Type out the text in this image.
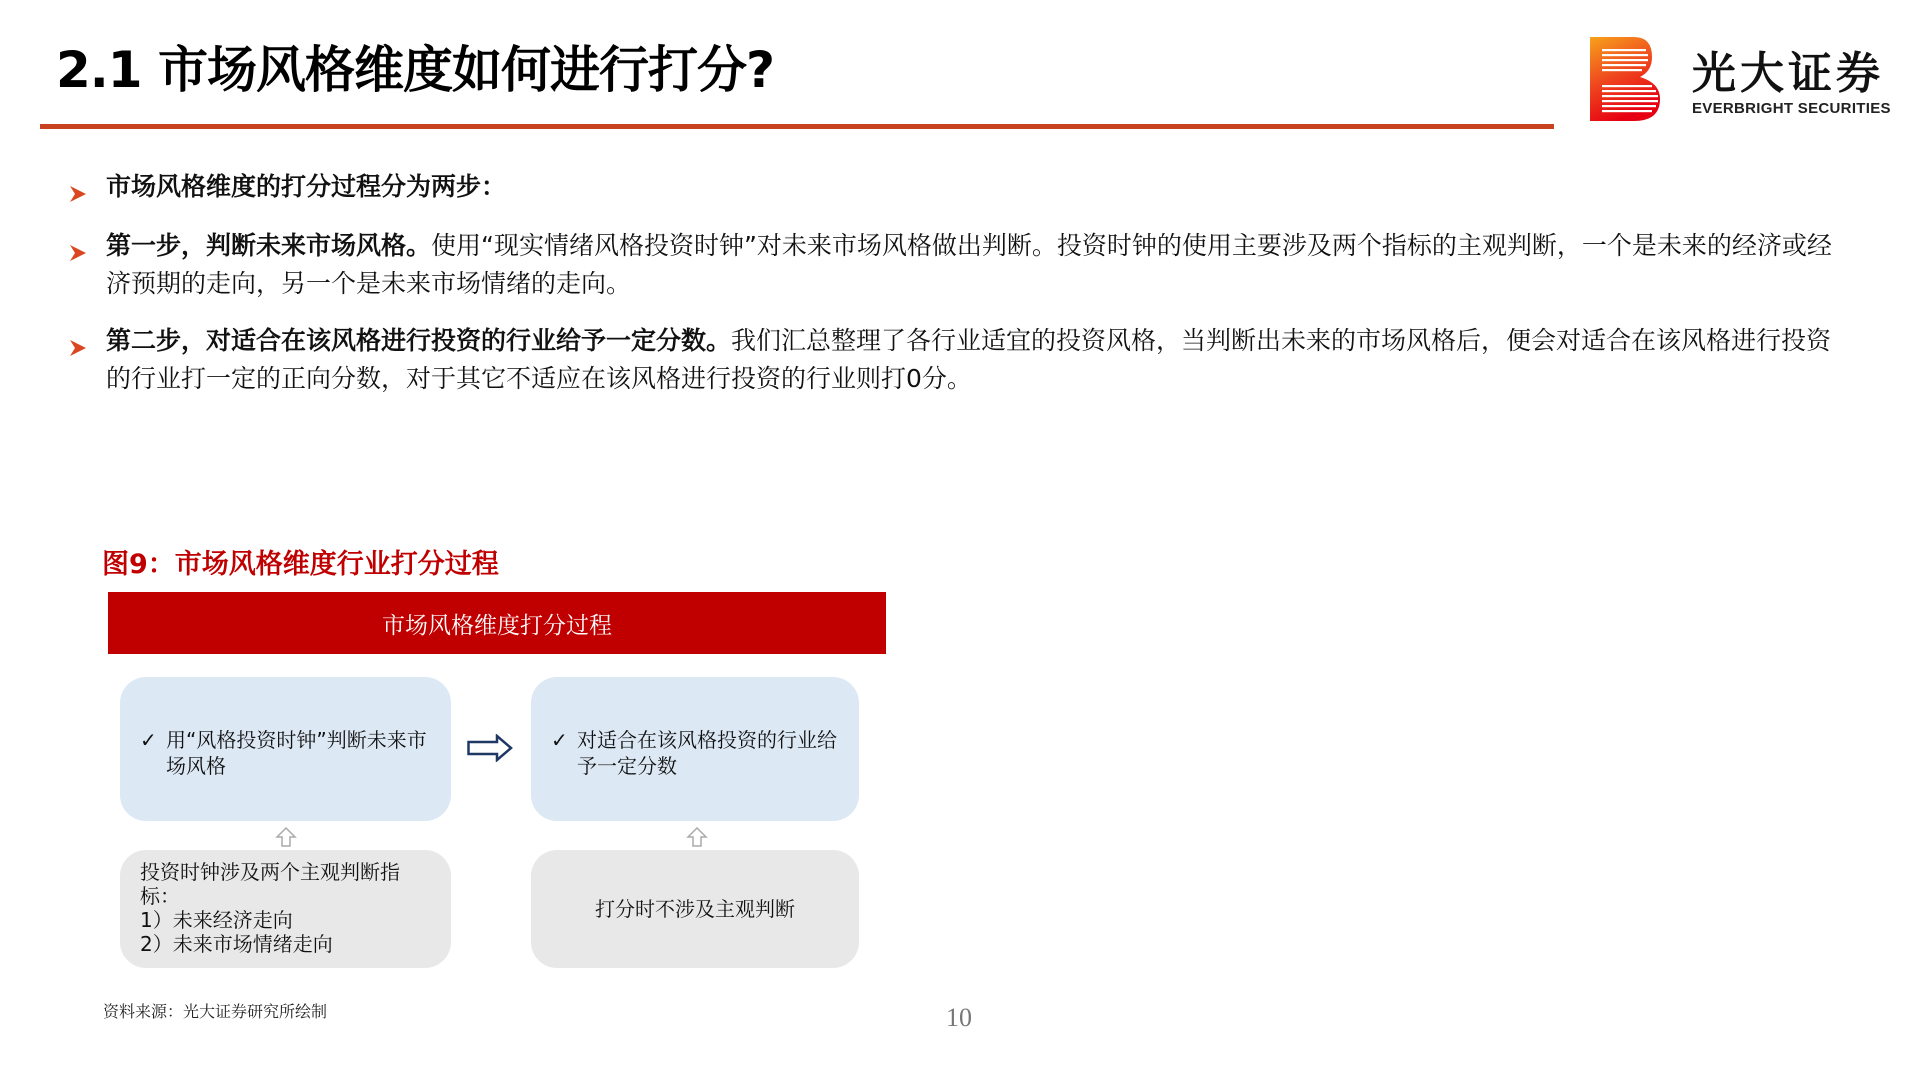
2.1 市场风格维度如何进行打分?	光大证券
EVERBRIGHT SECURITIES
市场风格维度的打分过程分为两步：
第一步，判断未来市场风格。使用“现实情绪风格投资时钟”对未来市场风格做出判断。投资时钟的使用主要涉及两个指标的主观判断，一个是未来的经济或经济预期的走向，另一个是未来市场情绪的走向。
第二步，对适合在该风格进行投资的行业给予一定分数。我们汇总整理了各行业适宜的投资风格，当判断出未来的市场风格后，便会对适合在该风格进行投资的行业打一定的正向分数，对于其它不适应在该风格进行投资的行业则打0分。
图9：市场风格维度行业打分过程
市场风格维度打分过程
✓ 用“风格投资时钟”判断未来市场风格
✓ 对适合在该风格投资的行业给予一定分数
投资时钟涉及两个主观判断指标：
1）未来经济走向
2）未来市场情绪走向
打分时不涉及主观判断
资料来源：光大证券研究所绘制	10
